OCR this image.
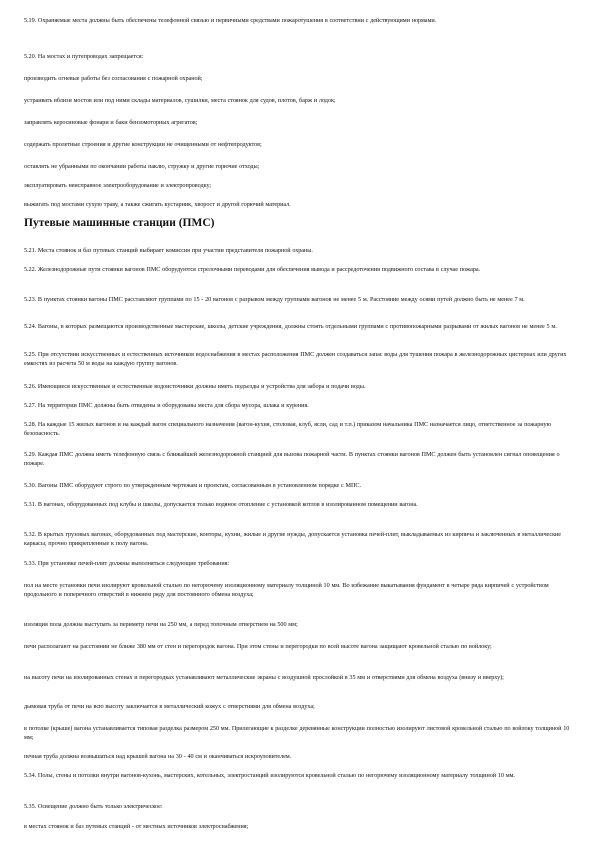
5.19. Охраняемые места должны быть обеспечены телефонной связью и первичными средствами пожаротушения в соответствии с действующими нормами.

5.20. На мостах и путепроводах запрещается:

производить огневые работы без согласования с пожарной охраной;

устраивать вблизи мостов или под ними склады материалов, сушилки, места стоянок для судов, плотов, барж и лодок;

заправлять керосиновые фонари и баки бензомоторных агрегатов;

содержать пролетные строения и другие конструкции не очищенными от нефтепродуктов;

оставлять не убранными по окончании работы паклю, стружку и другие горючие отходы;

эксплуатировать неисправное электрооборудование и электропроводку;

выжигать под мостами сухую траву, а также сжигать кустарник, хворост и другой горючий материал.

Путевые машинные станции (ПМС)

5.21. Места стоянок и баз путевых станций выбирает комиссия при участии представителя пожарной охраны.

5.22. Железнодорожные пути стоянки вагонов ПМС оборудуются стрелочными переводами для обеспечения вывода и рассредоточения подвижного состава в случае пожара.

5.23. В пунктах стоянки вагоны ПМС расставляют группами по 15 - 20 вагонов с разрывом между группами вагонов не менее 5 м. Расстояние между осями путей должно быть не менее 7 м.

5.24. Вагоны, в которых размещаются производственные мастерские, школы, детские учреждения, должны стоять отдельными группами с противопожарными разрывами от жилых вагонов не менее 5 м.

5.25. При отсутствии искусственных и естественных источников водоснабжения в местах расположения ПМС должен создаваться запас воды для тушения пожара в железнодорожных цистернах или других емкостях из расчета 50 м воды на каждую группу вагонов.

5.26. Имеющиеся искусственные и естественные водоисточники должны иметь подъезды и устройства для забора и подачи воды.

5.27. На территории ПМС должны быть отведены и оборудованы места для сбора мусора, шлака и курения.

5.28. На каждые 15 жилых вагонов и на каждый вагон специального назначения (вагон-кухня, столовая, клуб, ясли, сад и т.п.) приказом начальника ПМС назначается лицо, ответственное за пожарную безопасность.

5.29. Каждая ПМС должна иметь телефонную связь с ближайшей железнодорожной станцией для вызова пожарной части. В пунктах стоянки вагонов ПМС должен быть установлен сигнал оповещения о пожаре.

5.30. Вагоны ПМС оборудуют строго по утвержденным чертежам и проектам, согласованным в установленном порядке с МПС.

5.31. В вагонах, оборудованных под клубы и школы, допускается только водяное отопление с установкой котлов в изолированном помещении вагона.

5.32. В крытых грузовых вагонах, оборудованных под мастерские, конторы, кухни, жилые и другие нужды, допускается установка печей-плит, выкладываемых из кирпича и заключенных в металлические каркасы, прочно прикрепленные к полу вагона.

5.33. При установке печей-плит должны выполняться следующие требования:

пол на месте установки печи изолируют кровельной сталью по негорючему изоляционному материалу толщиной 10 мм. Во избежание выкатывания фундамент в четыре ряда кирпичей с устройством продольного и поперечного отверстий в нижнем ряду для постоянного обмена воздуха;

изоляция пола должна выступать за периметр печи на 250 мм, а перед топочным отверстием на 500 мм;

печи располагают на расстоянии не ближе 380 мм от стен и перегородок вагона. При этом стены и перегородки по всей высоте вагона защищают кровельной сталью по войлоку;

на высоту печи на изолированных стенах и перегородках устанавливают металлические экраны с воздушной прослойкой в 35 мм и отверстиями для обмена воздуха (внизу и вверху);

дымовая труба от печи на всю высоту заключается в металлический кожух с отверстиями для обмена воздуха;

в потолке (крыше) вагона устанавливается типовая разделка размером 250 мм. Прилегающие к разделке деревянные конструкции полностью изолируют листовой кровельной сталью по войлоку толщиной 10 мм;

печная труба должна возвышаться над крышей вагона на 30 - 40 см и оканчиваться искроуловителем.

5.34. Полы, стены и потолки внутри вагонов-кухонь, мастерских, котельных, электростанций изолируются кровельной сталью по негорючему изоляционному материалу толщиной 10 мм.

5.35. Освещение должно быть только электрическое:

в местах стоянок и баз путевых станций - от местных источников электроснабжения;
